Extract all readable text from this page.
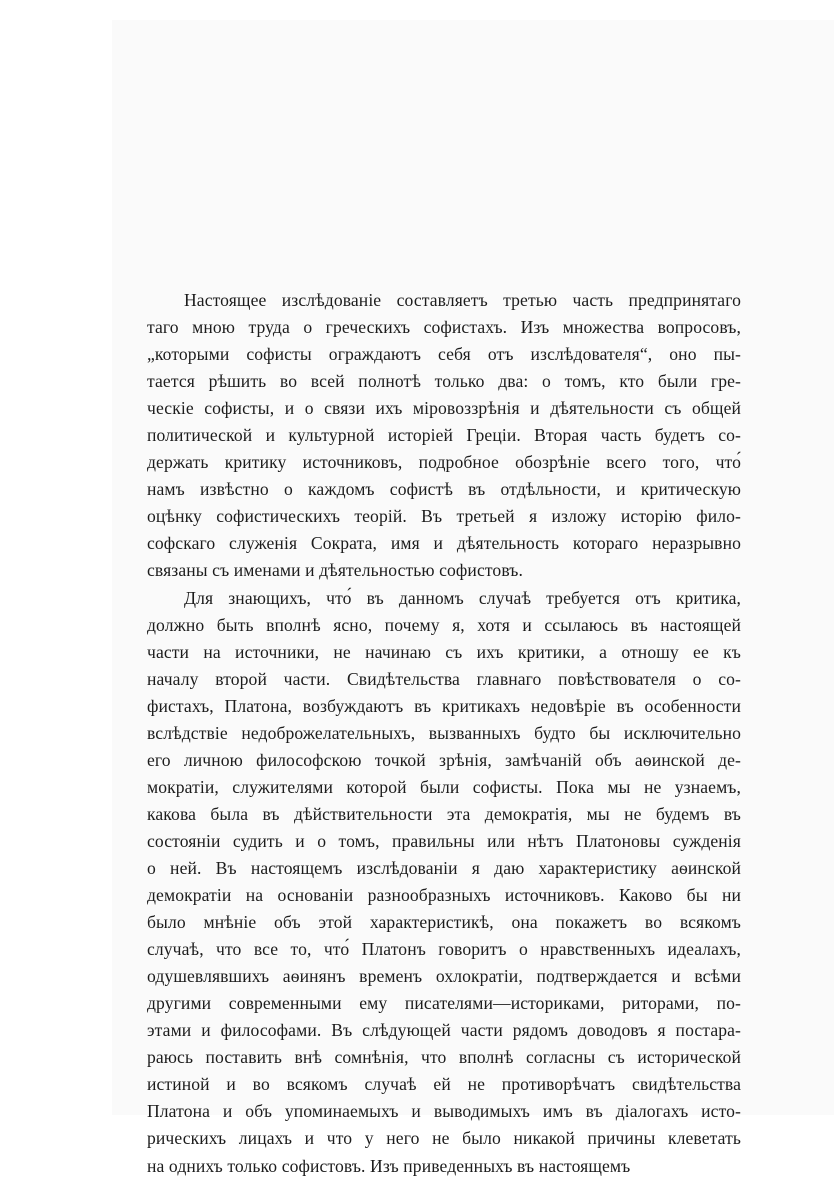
Настоящее изслѣдованіе составляетъ третью часть предпринятаго
таго мною труда о греческихъ софистахъ. Изъ множества вопросовъ,
„которыми софисты ограждаютъ себя отъ изслѣдователя“, оно пы-
тается рѣшить во всей полнотѣ только два: о томъ, кто были гре-
ческіе софисты, и о связи ихъ міровоззрѣнія и дѣятельности съ общей
политической и культурной исторіей Греціи. Вторая часть будетъ со-
держать критику источниковъ, подробное обозрѣніе всего того, что́
намъ извѣстно о каждомъ софистѣ въ отдѣльности, и критическую
оцѣнку софистическихъ теорій. Въ третьей я изложу исторію фило-
софскаго служенія Сократа, имя и дѣятельность котораго неразрывно
связаны съ именами и дѣятельностью софистовъ.
Для знающихъ, что́ въ данномъ случаѣ требуется отъ критика,
должно быть вполнѣ ясно, почему я, хотя и ссылаюсь въ настоящей
части на источники, не начинаю съ ихъ критики, а отношу ее къ
началу второй части. Свидѣтельства главнаго повѣствователя о со-
фистахъ, Платона, возбуждаютъ въ критикахъ недовѣріе въ особенности
вслѣдствіе недоброжелательныхъ, вызванныхъ будто бы исключительно
его личною философскою точкой зрѣнія, замѣчаній объ аѳинской де-
мократіи, служителями которой были софисты. Пока мы не узнаемъ,
какова была въ дѣйствительности эта демократія, мы не будемъ въ
состояніи судить и о томъ, правильны или нѣтъ Платоновы сужденія
о ней. Въ настоящемъ изслѣдованіи я даю характеристику аѳинской
демократіи на основаніи разнообразныхъ источниковъ. Каково бы ни
было мнѣніе объ этой характеристикѣ, она покажетъ во всякомъ
случаѣ, что все то, что́ Платонъ говоритъ о нравственныхъ идеалахъ,
одушевлявшихъ аѳинянъ временъ охлократіи, подтверждается и всѣми
другими современными ему писателями—историками, риторами, по-
этами и философами. Въ слѣдующей части рядомъ доводовъ я постара-
раюсь поставить внѣ сомнѣнія, что вполнѣ согласны съ исторической
истиной и во всякомъ случаѣ ей не противорѣчатъ свидѣтельства
Платона и объ упоминаемыхъ и выводимыхъ имъ въ діалогахъ исто-
рическихъ лицахъ и что у него не было никакой причины клеветать
на однихъ только софистовъ. Изъ приведенныхъ въ настоящемъ
